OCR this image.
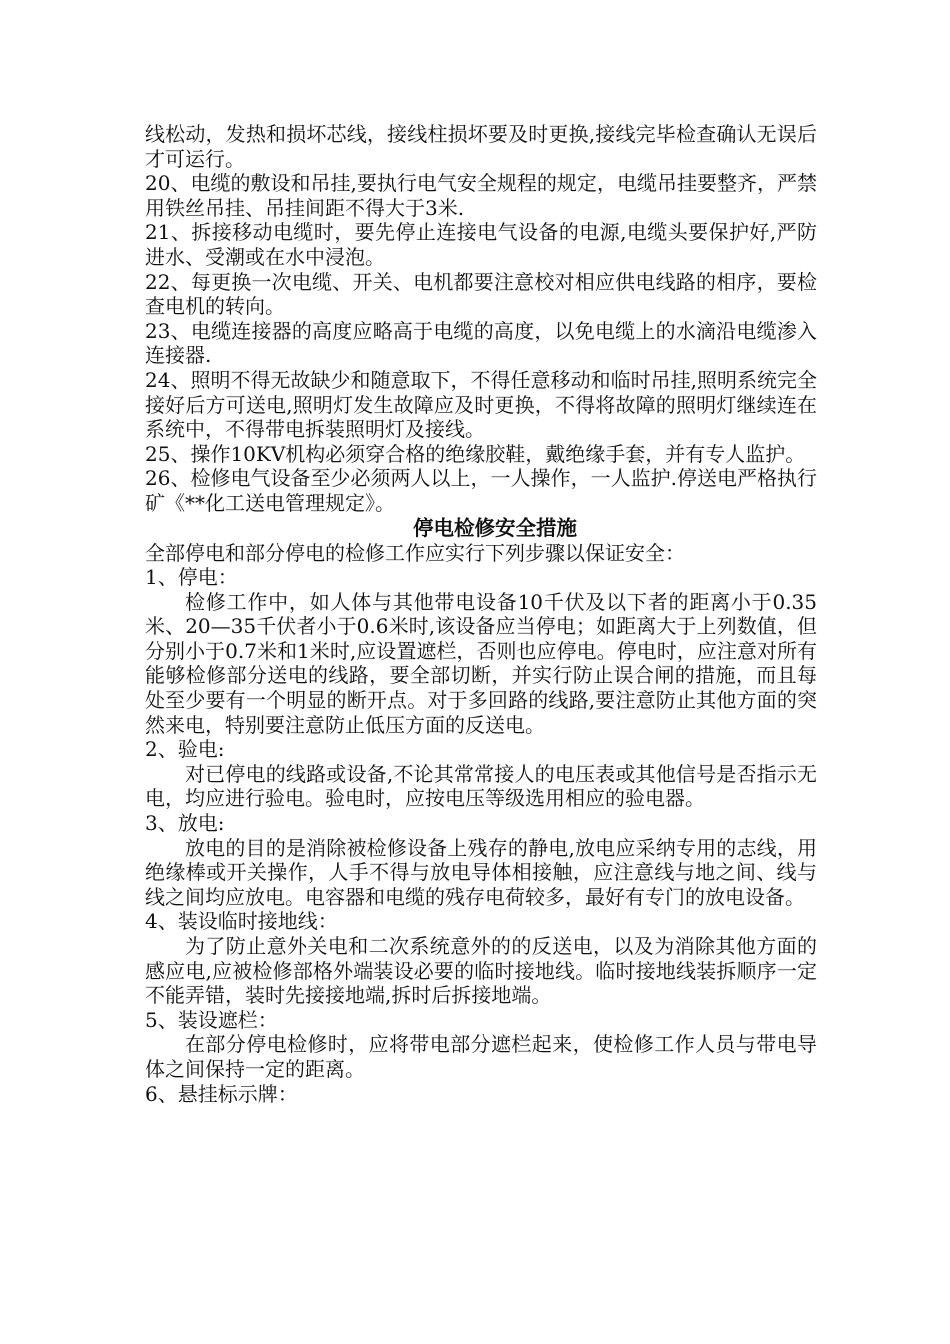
线松动，发热和损坏芯线，接线柱损坏要及时更换,接线完毕检查确认无误后才可运行。

20、电缆的敷设和吊挂,要执行电气安全规程的规定，电缆吊挂要整齐，严禁用铁丝吊挂、吊挂间距不得大于3米.

21、拆接移动电缆时，要先停止连接电气设备的电源,电缆头要保护好,严防进水、受潮或在水中浸泡。

22、每更换一次电缆、开关、电机都要注意校对相应供电线路的相序，要检查电机的转向。

23、电缆连接器的高度应略高于电缆的高度，以免电缆上的水滴沿电缆渗入连接器.

24、照明不得无故缺少和随意取下，不得任意移动和临时吊挂,照明系统完全接好后方可送电,照明灯发生故障应及时更换，不得将故障的照明灯继续连在系统中，不得带电拆装照明灯及接线。

25、操作10KV机构必须穿合格的绝缘胶鞋，戴绝缘手套，并有专人监护。

26、检修电气设备至少必须两人以上，一人操作，一人监护.停送电严格执行矿《**化工送电管理规定》。

停电检修安全措施

全部停电和部分停电的检修工作应实行下列步骤以保证安全：

1、停电：

检修工作中，如人体与其他带电设备10千伏及以下者的距离小于0.35米、20—35千伏者小于0.6米时,该设备应当停电；如距离大于上列数值，但分别小于0.7米和1米时,应设置遮栏，否则也应停电。停电时，应注意对所有能够检修部分送电的线路，要全部切断，并实行防止误合闸的措施，而且每处至少要有一个明显的断开点。对于多回路的线路,要注意防止其他方面的突然来电，特别要注意防止低压方面的反送电。

2、验电:

对已停电的线路或设备,不论其常常接人的电压表或其他信号是否指示无电，均应进行验电。验电时，应按电压等级选用相应的验电器。

3、放电:

放电的目的是消除被检修设备上残存的静电,放电应采纳专用的志线，用绝缘棒或开关操作，人手不得与放电导体相接触，应注意线与地之间、线与线之间均应放电。电容器和电缆的残存电荷较多，最好有专门的放电设备。

4、装设临时接地线：

为了防止意外关电和二次系统意外的的反送电，以及为消除其他方面的感应电,应被检修部格外端装设必要的临时接地线。临时接地线装拆顺序一定不能弄错，装时先接接地端,拆时后拆接地端。

5、装设遮栏：

在部分停电检修时，应将带电部分遮栏起来，使检修工作人员与带电导体之间保持一定的距离。

6、悬挂标示牌：
